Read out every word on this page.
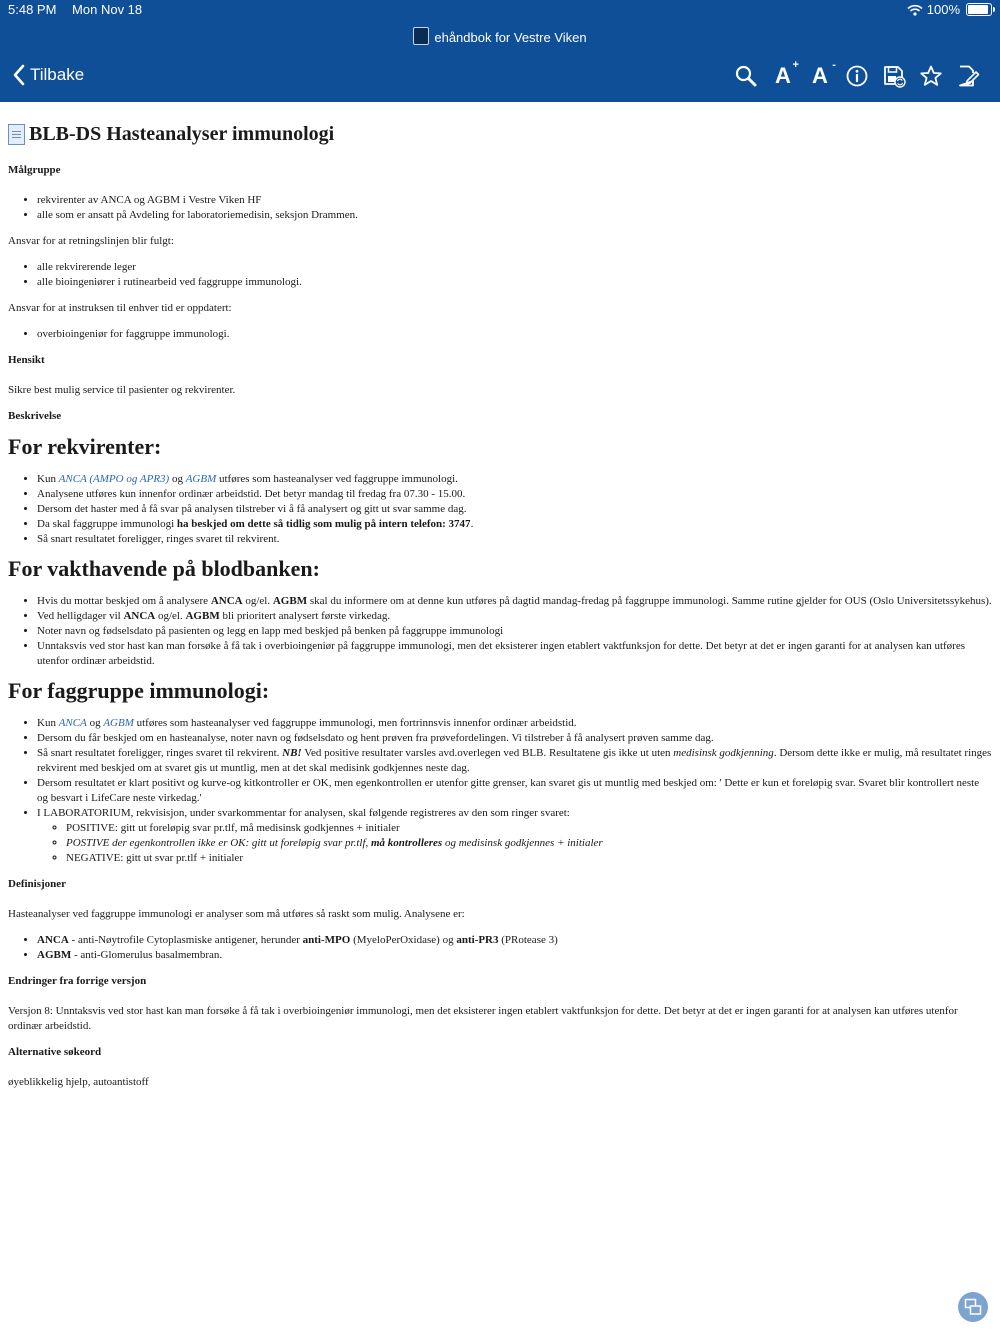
5:48 PM Mon Nov 18	100%
ehåndbok for Vestre Viken
Tilbake	A + A -
BLB-DS Hasteanalyser immunologi
Målgruppe
• rekvirenter av ANCA og AGBM i Vestre Viken HF
• alle som er ansatt på Avdeling for laboratoriemedisin, seksjon Drammen.

Ansvar for at retningslinjen blir fulgt:

• alle rekvirerende leger
• alle bioingeniører i rutinearbeid ved faggruppe immunologi.

Ansvar for at instruksen til enhver tid er oppdatert:

• overbioingeniør for faggruppe immunologi.
Hensikt

Sikre best mulig service til pasienter og rekvirenter.

Beskrivelse
For rekvirenter:
• Kun ANCA (AMPO og APR3) og AGBM utføres som hasteanalyser ved faggruppe immunologi.
• Analysene utføres kun innenfor ordinær arbeidstid. Det betyr mandag til fredag fra 07.30 - 15.00.
• Dersom det haster med å få svar på analysen tilstreber vi å få analysert og gitt ut svar samme dag.
• Da skal faggruppe immunologi ha beskjed om dette så tidlig som mulig på intern telefon: 3747.
• Så snart resultatet foreligger, ringes svaret til rekvirent.
For vakthavende på blodbanken:
• Hvis du mottar beskjed om å analysere ANCA og/el. AGBM skal du informere om at denne kun utføres på dagtid mandag-fredag på faggruppe immunologi. Samme rutine gjelder for OUS (Oslo Universitetssykehus).
• Ved helligdager vil ANCA og/el. AGBM bli prioritert analysert første virkedag.
• Noter navn og fødselsdato på pasienten og legg en lapp med beskjed på benken på faggruppe immunologi
• Unntaksvis ved stor hast kan man forsøke å få tak i overbioingeniør på faggruppe immunologi, men det eksisterer ingen etablert vaktfunksjon for dette. Det betyr at det er ingen garanti for at analysen kan utføres utenfor ordinær arbeidstid.
For faggruppe immunologi:
• Kun ANCA og AGBM utføres som hasteanalyser ved faggruppe immunologi, men fortrinnsvis innenfor ordinær arbeidstid.
• Dersom du får beskjed om en hasteanalyse, noter navn og fødselsdato og hent prøven fra prøvefordelingen. Vi tilstreber å få analysert prøven samme dag.
• Så snart resultatet foreligger, ringes svaret til rekvirent. NB! Ved positive resultater varsles avd.overlegen ved BLB. Resultatene gis ikke ut uten medisinsk godkjenning. Dersom dette ikke er mulig, må resultatet ringes rekvirent med beskjed om at svaret gis ut muntlig, men at det skal medisink godkjennes neste dag.
• Dersom resultatet er klart positivt og kurve-og kitkontroller er OK, men egenkontrollen er utenfor gitte grenser, kan svaret gis ut muntlig med beskjed om: ' Dette er kun et foreløpig svar. Svaret blir kontrollert neste og besvart i LifeCare neste virkedag.'
• I LABORATORIUM, rekvisisjon, under svarkommentar for analysen, skal følgende registreres av den som ringer svaret:
◦ POSITIVE: gitt ut foreløpig svar pr.tlf, må medisinsk godkjennes + initialer
◦ POSTIVE der egenkontrollen ikke er OK: gitt ut foreløpig svar pr.tlf, må kontrolleres og medisinsk godkjennes + initialer
◦ NEGATIVE: gitt ut svar pr.tlf + initialer
Definisjoner

Hasteanalyser ved faggruppe immunologi er analyser som må utføres så raskt som mulig. Analysene er:

• ANCA - anti-Nøytrofile Cytoplasmiske antigener, herunder anti-MPO (MyeloPerOxidase) og anti-PR3 (PRotease 3)
• AGBM - anti-Glomerulus basalmembran.
Endringer fra forrige versjon

Versjon 8: Unntaksvis ved stor hast kan man forsøke å få tak i overbioingeniør immunologi, men det eksisterer ingen etablert vaktfunksjon for dette. Det betyr at det er ingen garanti for at analysen kan utføres utenfor ordinær arbeidstid.

Alternative søkeord

øyeblikkelig hjelp, autoantistoff
